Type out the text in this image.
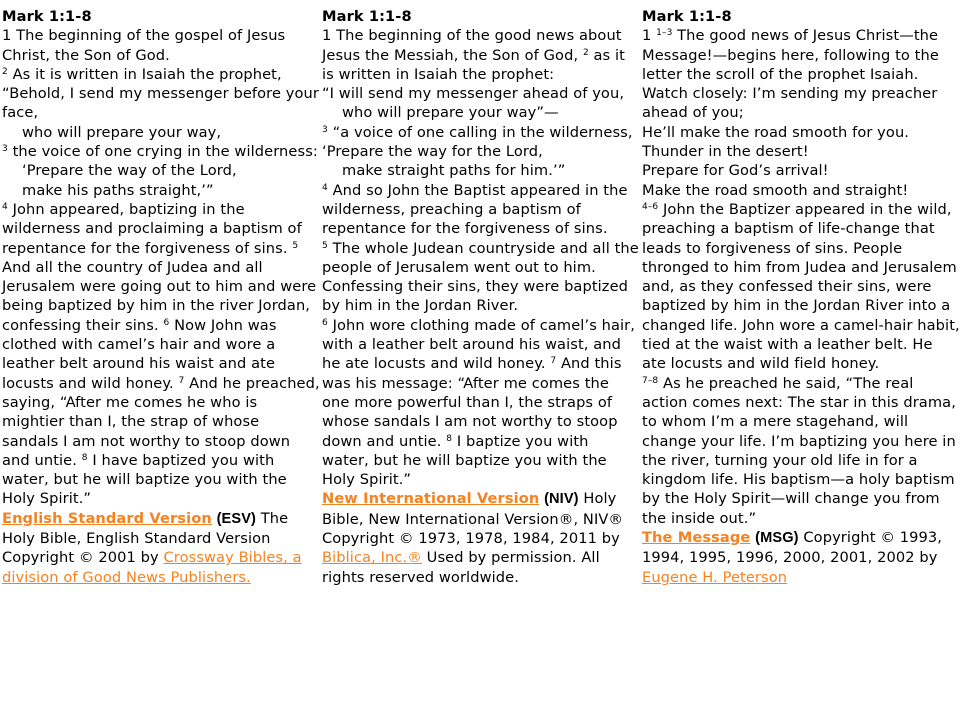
Mark 1:1-8
1 The beginning of the gospel of Jesus Christ, the Son of God.
$^2$ As it is written in Isaiah the prophet,
“Behold, I send my messenger before your face,
who will prepare your way,
$^3$ the voice of one crying in the wilderness:
‘Prepare the way of the Lord,
make his paths straight,’”
$^4$ John appeared, baptizing in the wilderness and proclaiming a baptism of repentance for the forgiveness of sins. $^5$ And all the country of Judea and all Jerusalem were going out to him and were being baptized by him in the river Jordan, confessing their sins. $^6$ Now John was clothed with camel’s hair and wore a leather belt around his waist and ate locusts and wild honey. $^7$ And he preached, saying, “After me comes he who is mightier than I, the strap of whose sandals I am not worthy to stoop down and untie. $^8$ I have baptized you with water, but he will baptize you with the Holy Spirit.”
English Standard Version (ESV) The Holy Bible, English Standard Version Copyright © 2001 by Crossway Bibles, a division of Good News Publishers.
Mark 1:1-8
1 The beginning of the good news about Jesus the Messiah, the Son of God, $^2$ as it is written in Isaiah the prophet:
“I will send my messenger ahead of you,
who will prepare your way”—
$^3$ “a voice of one calling in the wilderness,
‘Prepare the way for the Lord,
make straight paths for him.’”
$^4$ And so John the Baptist appeared in the wilderness, preaching a baptism of repentance for the forgiveness of sins.
$^5$ The whole Judean countryside and all the people of Jerusalem went out to him. Confessing their sins, they were baptized by him in the Jordan River.
$^6$ John wore clothing made of camel’s hair, with a leather belt around his waist, and he ate locusts and wild honey. $^7$ And this was his message: “After me comes the one more powerful than I, the straps of whose sandals I am not worthy to stoop down and untie. $^8$ I baptize you with water, but he will baptize you with the Holy Spirit.”
New International Version (NIV) Holy Bible, New International Version®, NIV® Copyright © 1973, 1978, 1984, 2011 by Biblica, Inc.® Used by permission. All rights reserved worldwide.
Mark 1:1-8
1 $^{1-3}$ The good news of Jesus Christ—the Message!—begins here, following to the letter the scroll of the prophet Isaiah.
Watch closely: I’m sending my preacher ahead of you;
He’ll make the road smooth for you.
Thunder in the desert!
Prepare for God’s arrival!
Make the road smooth and straight!
$^{4-6}$ John the Baptizer appeared in the wild, preaching a baptism of life-change that leads to forgiveness of sins. People thronged to him from Judea and Jerusalem and, as they confessed their sins, were baptized by him in the Jordan River into a changed life. John wore a camel-hair habit, tied at the waist with a leather belt. He ate locusts and wild field honey.
$^{7-8}$ As he preached he said, “The real action comes next: The star in this drama, to whom I’m a mere stagehand, will change your life. I’m baptizing you here in the river, turning your old life in for a kingdom life. His baptism—a holy baptism by the Holy Spirit—will change you from the inside out.”
The Message (MSG) Copyright © 1993, 1994, 1995, 1996, 2000, 2001, 2002 by Eugene H. Peterson
